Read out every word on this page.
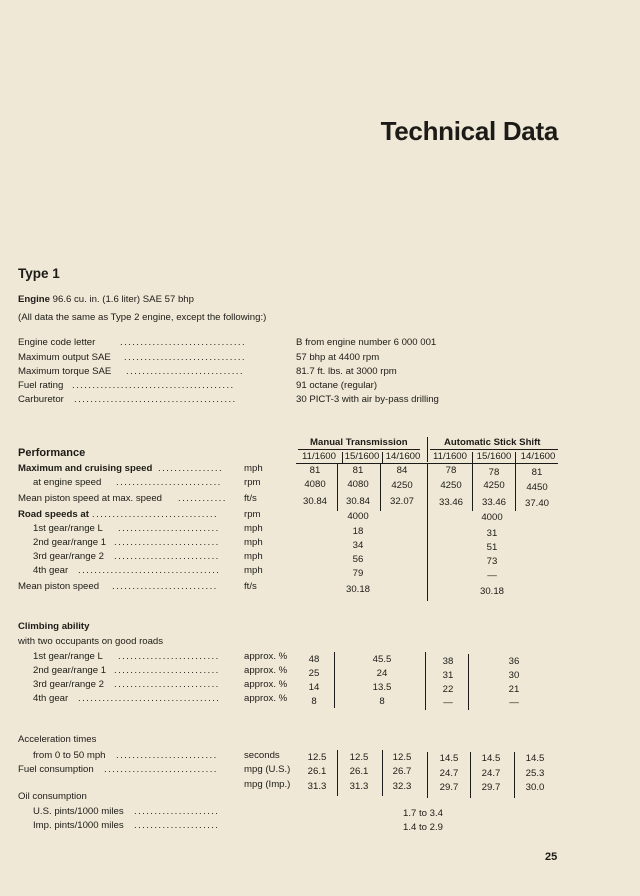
Technical Data
Type 1
Engine 96.6 cu. in. (1.6 liter) SAE 57 bhp
(All data the same as Type 2 engine, except the following:)
Engine code letter	...............................	B from engine number 6 000 001
Maximum output SAE ..............................	57 bhp at 4400 rpm
Maximum torque SAE .............................	81.7 ft. lbs. at 3000 rpm
Fuel rating ........................................	91 octane (regular)
Carburetor ........................................	30 PICT-3 with air by-pass drilling
Manual Transmission	Automatic Stick Shift
11/1600 15/1600 14/1600	11/1600	15/1600 14/1600
Performance
Maximum and cruising speed ................ mph	81	81	84	78	78	81
at engine speed .......................... rpm	4080	4080	4250	4250	4250	4450
Mean piston speed at max. speed ............ ft/s	30.84	30.84	32.07	33.46	33.46	37.40
Road speeds at ...............................	rpm	4000	4000
1st gear/range L .........................	mph	18	31
2nd gear/range 1 ..........................	mph	34	51
3rd gear/range 2 ..........................	mph	56	73
4th gear ................................... mph	79	—
Mean piston speed ..........................	ft/s	30.18	30.18
Climbing ability
with two occupants on good roads
1st gear/range L .........................	approx. %	48	45.5	38	36
2nd gear/range 1 ..........................	approx. %	25	24	31	30
3rd gear/range 2 ..........................	approx. %	14	13.5	22	21
4th gear ................................... approx. %	8	8	—	—
Acceleration times
from 0 to 50 mph .........................	seconds	12.5	12.5	12.5	14.5	14.5	14.5
Fuel consumption ............................	mpg (U.S.)	26.1	26.1	26.7	24.7	24.7	25.3
mpg (Imp.)	31.3	31.3	32.3	29.7	29.7	30.0
Oil consumption
U.S. pints/1000 miles .....................	1.7 to 3.4
Imp. pints/1000 miles .....................	1.4 to 2.9
25
